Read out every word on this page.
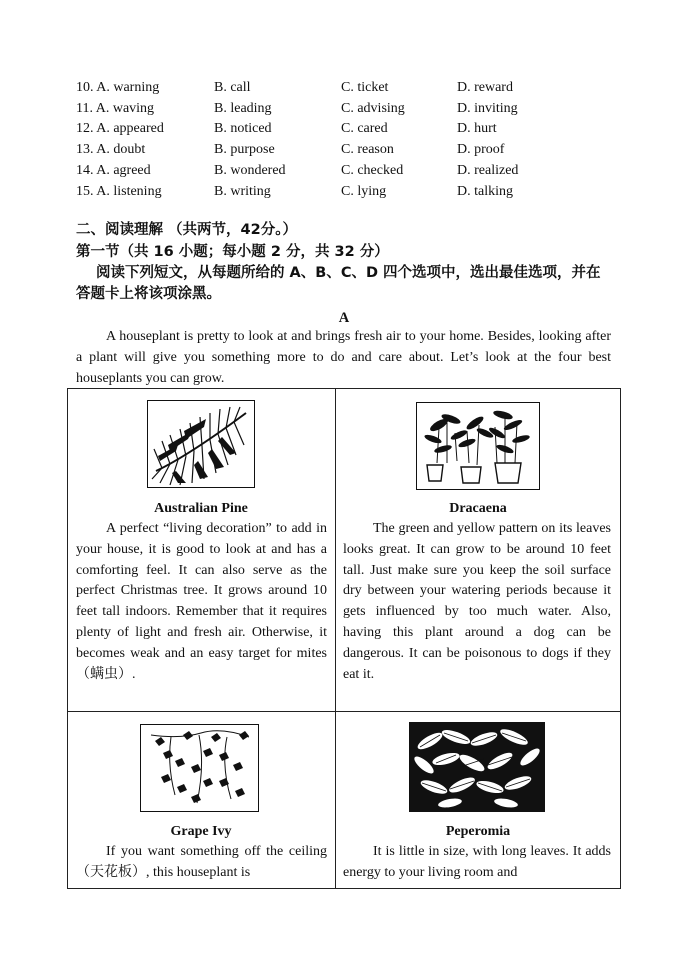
10. A. warning	B. call	C. ticket	D. reward
11. A. waving	B. leading	C. advising	D. inviting
12. A. appeared	B. noticed	C. cared	D. hurt
13. A. doubt	B. purpose	C. reason	D. proof
14. A. agreed	B. wondered	C. checked	D. realized
15. A. listening	B. writing	C. lying	D. talking
二、阅读理解 （共两节，42分。）
第一节（共 16 小题；每小题 2 分，共 32 分）
阅读下列短文，从每题所给的 A、B、C、D 四个选项中，选出最佳选项，并在答题卡上将该项涂黑。
A
A houseplant is pretty to look at and brings fresh air to your home. Besides, looking after a plant will give you something more to do and care about. Let’s look at the four best houseplants you can grow.
Australian Pine
A perfect “living decoration” to add in your house, it is good to look at and has a comforting feel. It can also serve as the perfect Christmas tree. It grows around 10 feet tall indoors. Remember that it requires plenty of light and fresh air. Otherwise, it becomes weak and an easy target for mites（螨虫）.
Dracaena
The green and yellow pattern on its leaves looks great. It can grow to be around 10 feet tall. Just make sure you keep the soil surface dry between your watering periods because it gets influenced by too much water. Also, having this plant around a dog can be dangerous. It can be poisonous to dogs if they eat it.
Grape Ivy
If you want something off the ceiling （天花板）, this houseplant is
Peperomia
It is little in size, with long leaves. It adds energy to your living room and
